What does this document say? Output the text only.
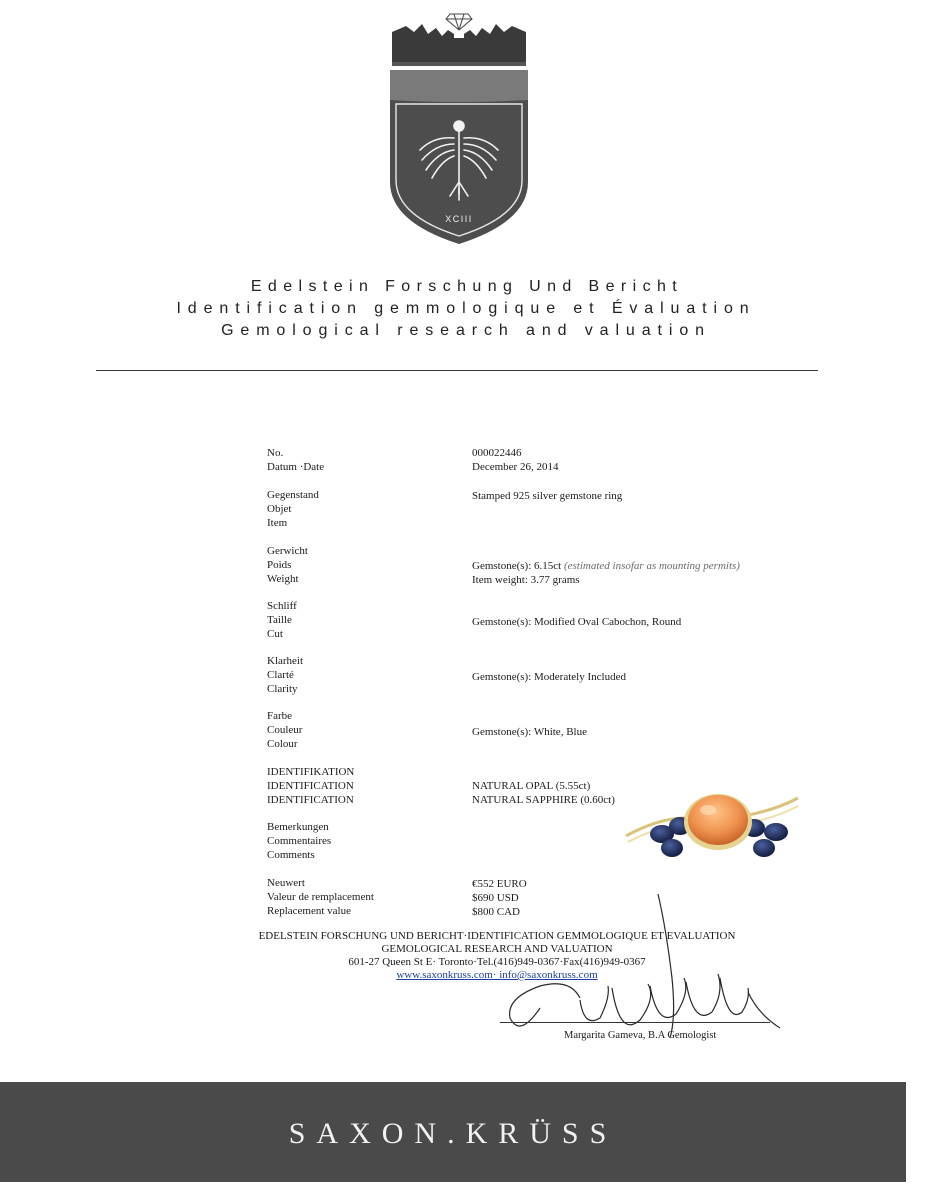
XCIII
Edelstein Forschung Und Bericht
Identification gemmologique et Évaluation
Gemological research and valuation
No.	000022446
Datum ·Date	December 26, 2014
Gegenstand
Objet
Item
Stamped 925 silver gemstone ring
Gerwicht
Poids
Weight
Gemstone(s): 6.15ct (estimated insofar as mounting permits)
Item weight: 3.77 grams
Schliff
Taille
Cut
Gemstone(s): Modified Oval Cabochon, Round
Klarheit
Clarté
Clarity
Gemstone(s): Moderately Included
Farbe
Couleur
Colour
Gemstone(s): White, Blue
IDENTIFIKATION
IDENTIFICATION
IDENTIFICATION
NATURAL OPAL (5.55ct)
NATURAL SAPPHIRE (0.60ct)
Bemerkungen
Commentaires
Comments
Neuwert
Valeur de remplacement
Replacement value
€552 EURO
$690 USD
$800 CAD
EDELSTEIN FORSCHUNG UND BERICHT·IDENTIFICATION GEMMOLOGIQUE ET EVALUATION
GEMOLOGICAL RESEARCH AND VALUATION
601-27 Queen St E· Toronto·Tel.(416)949-0367·Fax(416)949-0367
www.saxonkruss.com· info@saxonkruss.com
Margarita Gameva, B.A Gemologist
SAXON.KRÜSS
